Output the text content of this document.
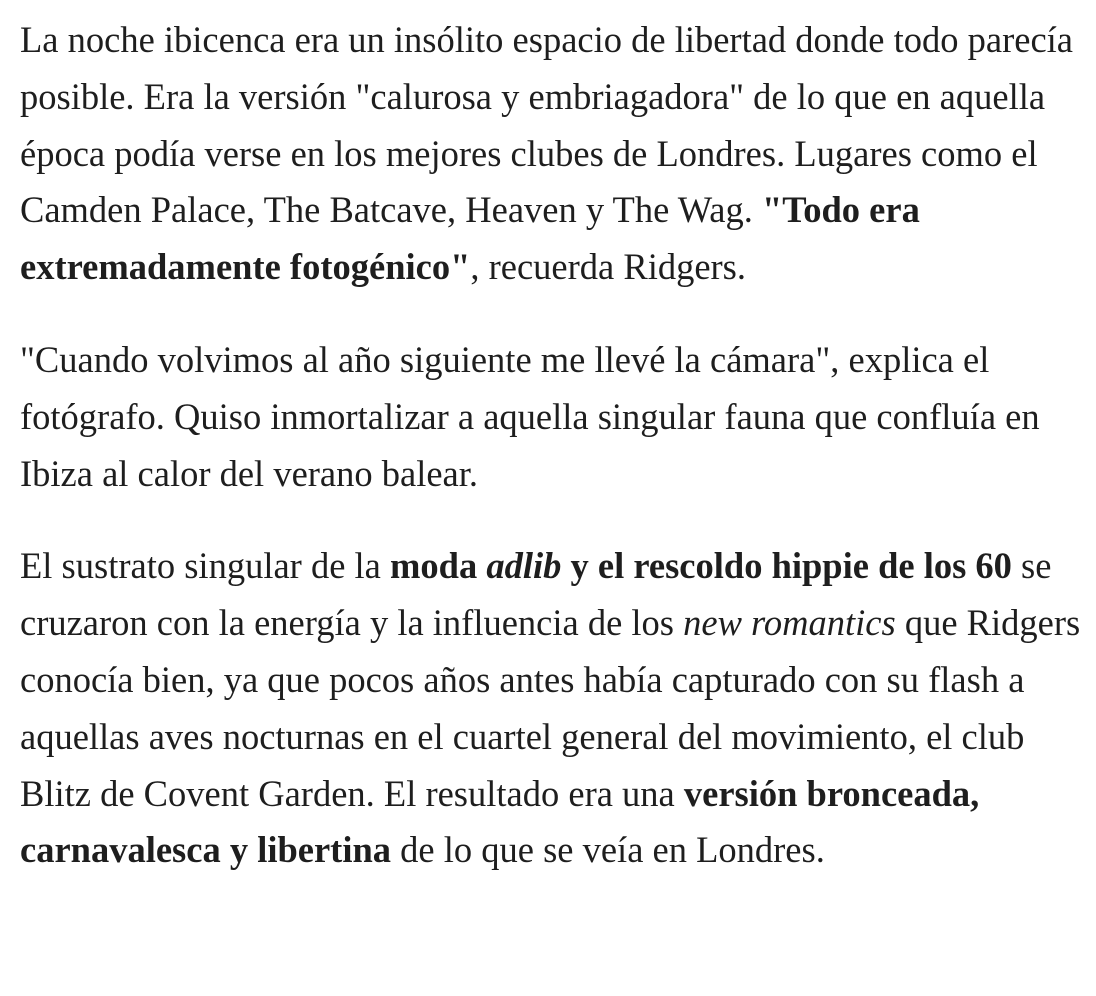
La noche ibicenca era un insólito espacio de libertad donde todo parecía posible. Era la versión "calurosa y embriagadora" de lo que en aquella época podía verse en los mejores clubes de Londres. Lugares como el Camden Palace, The Batcave, Heaven y The Wag. "Todo era extremadamente fotogénico", recuerda Ridgers.

"Cuando volvimos al año siguiente me llevé la cámara", explica el fotógrafo. Quiso inmortalizar a aquella singular fauna que confluía en Ibiza al calor del verano balear.

El sustrato singular de la moda adlib y el rescoldo hippie de los 60 se cruzaron con la energía y la influencia de los new romantics que Ridgers conocía bien, ya que pocos años antes había capturado con su flash a aquellas aves nocturnas en el cuartel general del movimiento, el club Blitz de Covent Garden. El resultado era una versión bronceada, carnavalesca y libertina de lo que se veía en Londres.
